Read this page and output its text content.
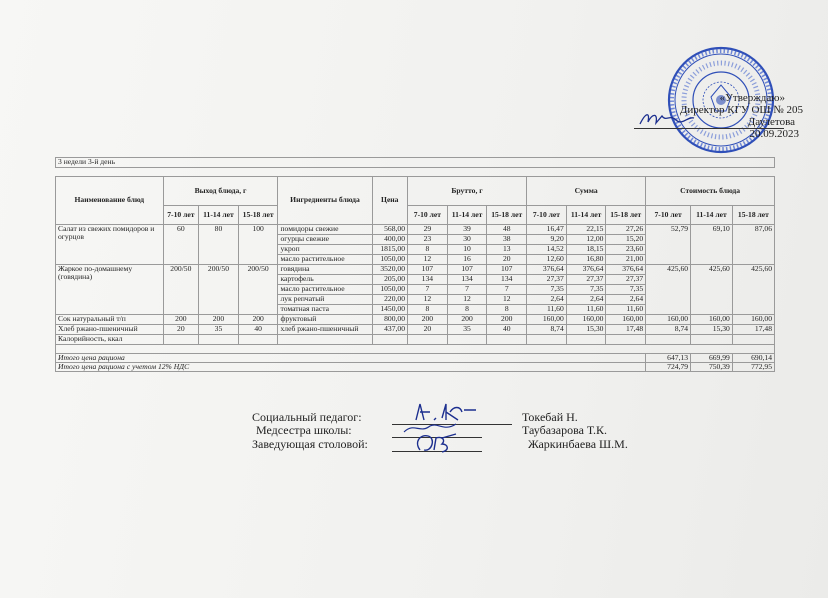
«Утверждаю»
Директор КГУ ОШ № 205
Даулетова
20.09.2023
3 недели 3-й день														

Наименование блюд	Выход блюда, г			Ингредиенты блюда	Цена	Брутто, г			Сумма			Стоимость блюда		
	7-10 лет	11-14 лет	15-18 лет			7-10 лет	11-14 лет	15-18 лет	7-10 лет	11-14 лет	15-18 лет	7-10 лет	11-14 лет	15-18 лет
Салат из свежих помидоров и огурцов	60	80	100	помидоры свежие	568,00	29	39	48	16,47	22,15	27,26	52,79	69,10	87,06
				огурцы свежие	400,00	23	30	38	9,20	12,00	15,20			
				укроп	1815,00	8	10	13	14,52	18,15	23,60			
				масло растительное	1050,00	12	16	20	12,60	16,80	21,00			
Жаркое по-домашнему (говядина)	200/50	200/50	200/50	говядина	3520,00	107	107	107	376,64	376,64	376,64	425,60	425,60	425,60
				картофель	205,00	134	134	134	27,37	27,37	27,37			
				масло растительное	1050,00	7	7	7	7,35	7,35	7,35			
				лук репчатый	220,00	12	12	12	2,64	2,64	2,64			
				томатная паста	1450,00	8	8	8	11,60	11,60	11,60			
Сок натуральный т/п	200	200	200	фруктовый	800,00	200	200	200	160,00	160,00	160,00	160,00	160,00	160,00
Хлеб ржано-пшеничный	20	35	40	хлеб ржано-пшеничный	437,00	20	35	40	8,74	15,30	17,48	8,74	15,30	17,48
Калорийность, ккал														

Итого цена рациона												647,13	669,99	690,14
Итого цена рациона с учетом 12% НДС												724,79	750,39	772,95
Социальный педагог:	Токебай Н.
Медсестра школы:	Таубазарова Т.К.
Заведующая столовой:	Жаркинбаева Ш.М.
